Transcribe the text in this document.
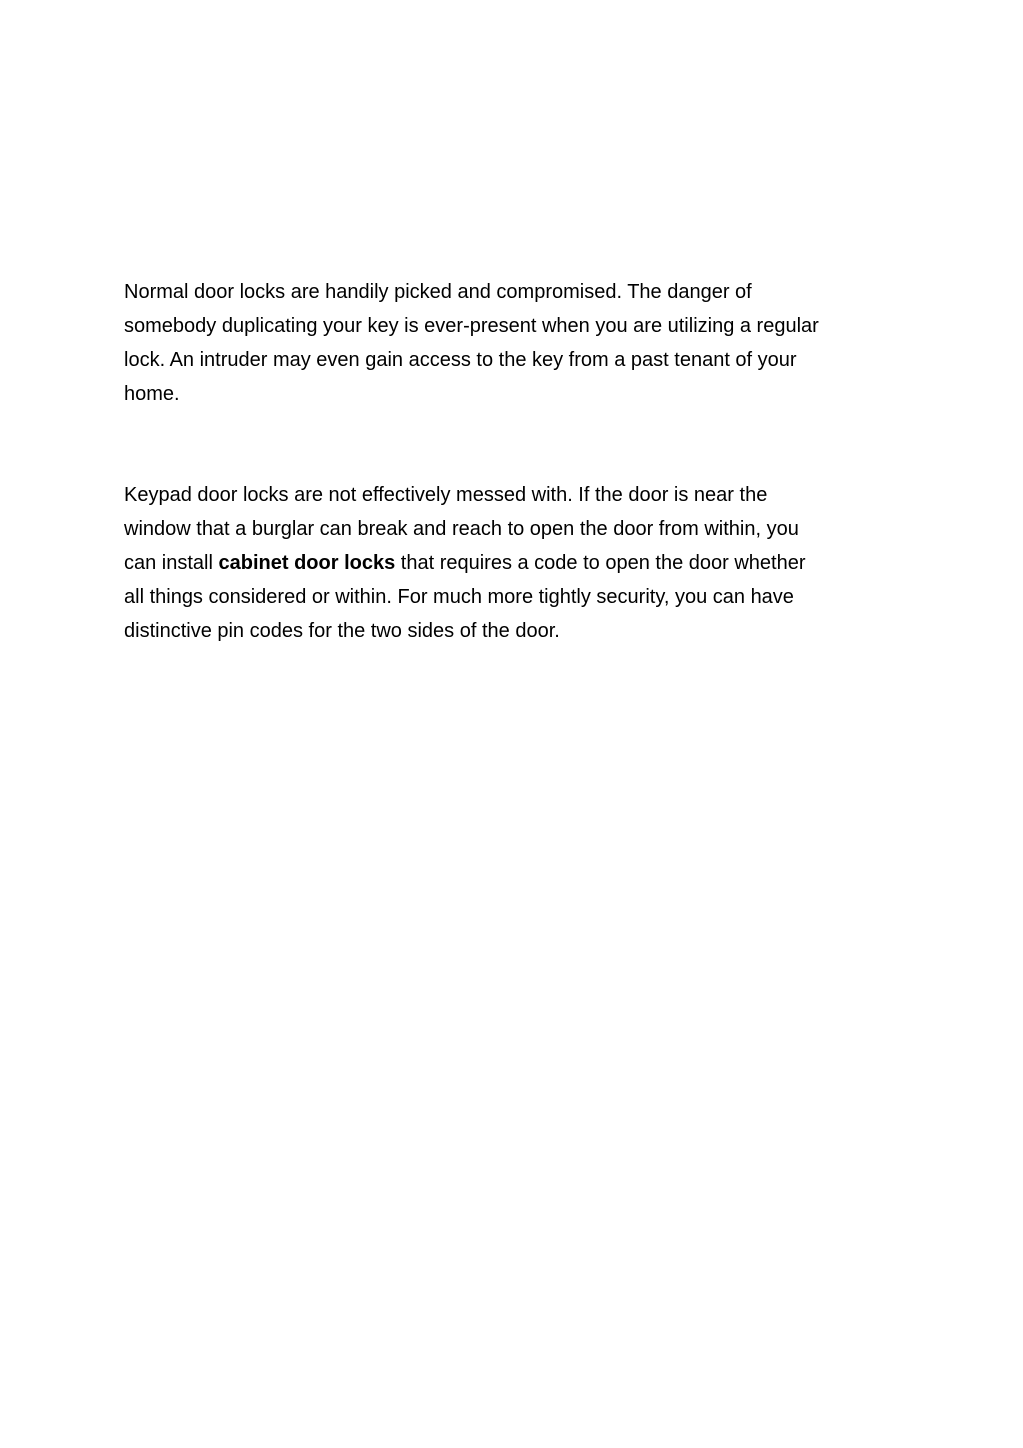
Normal door locks are handily picked and compromised. The danger of
somebody duplicating your key is ever-present when you are utilizing a regular
lock. An intruder may even gain access to the key from a past tenant of your
home.

Keypad door locks are not effectively messed with. If the door is near the
window that a burglar can break and reach to open the door from within, you
can install cabinet door locks that requires a code to open the door whether
all things considered or within. For much more tightly security, you can have
distinctive pin codes for the two sides of the door.
